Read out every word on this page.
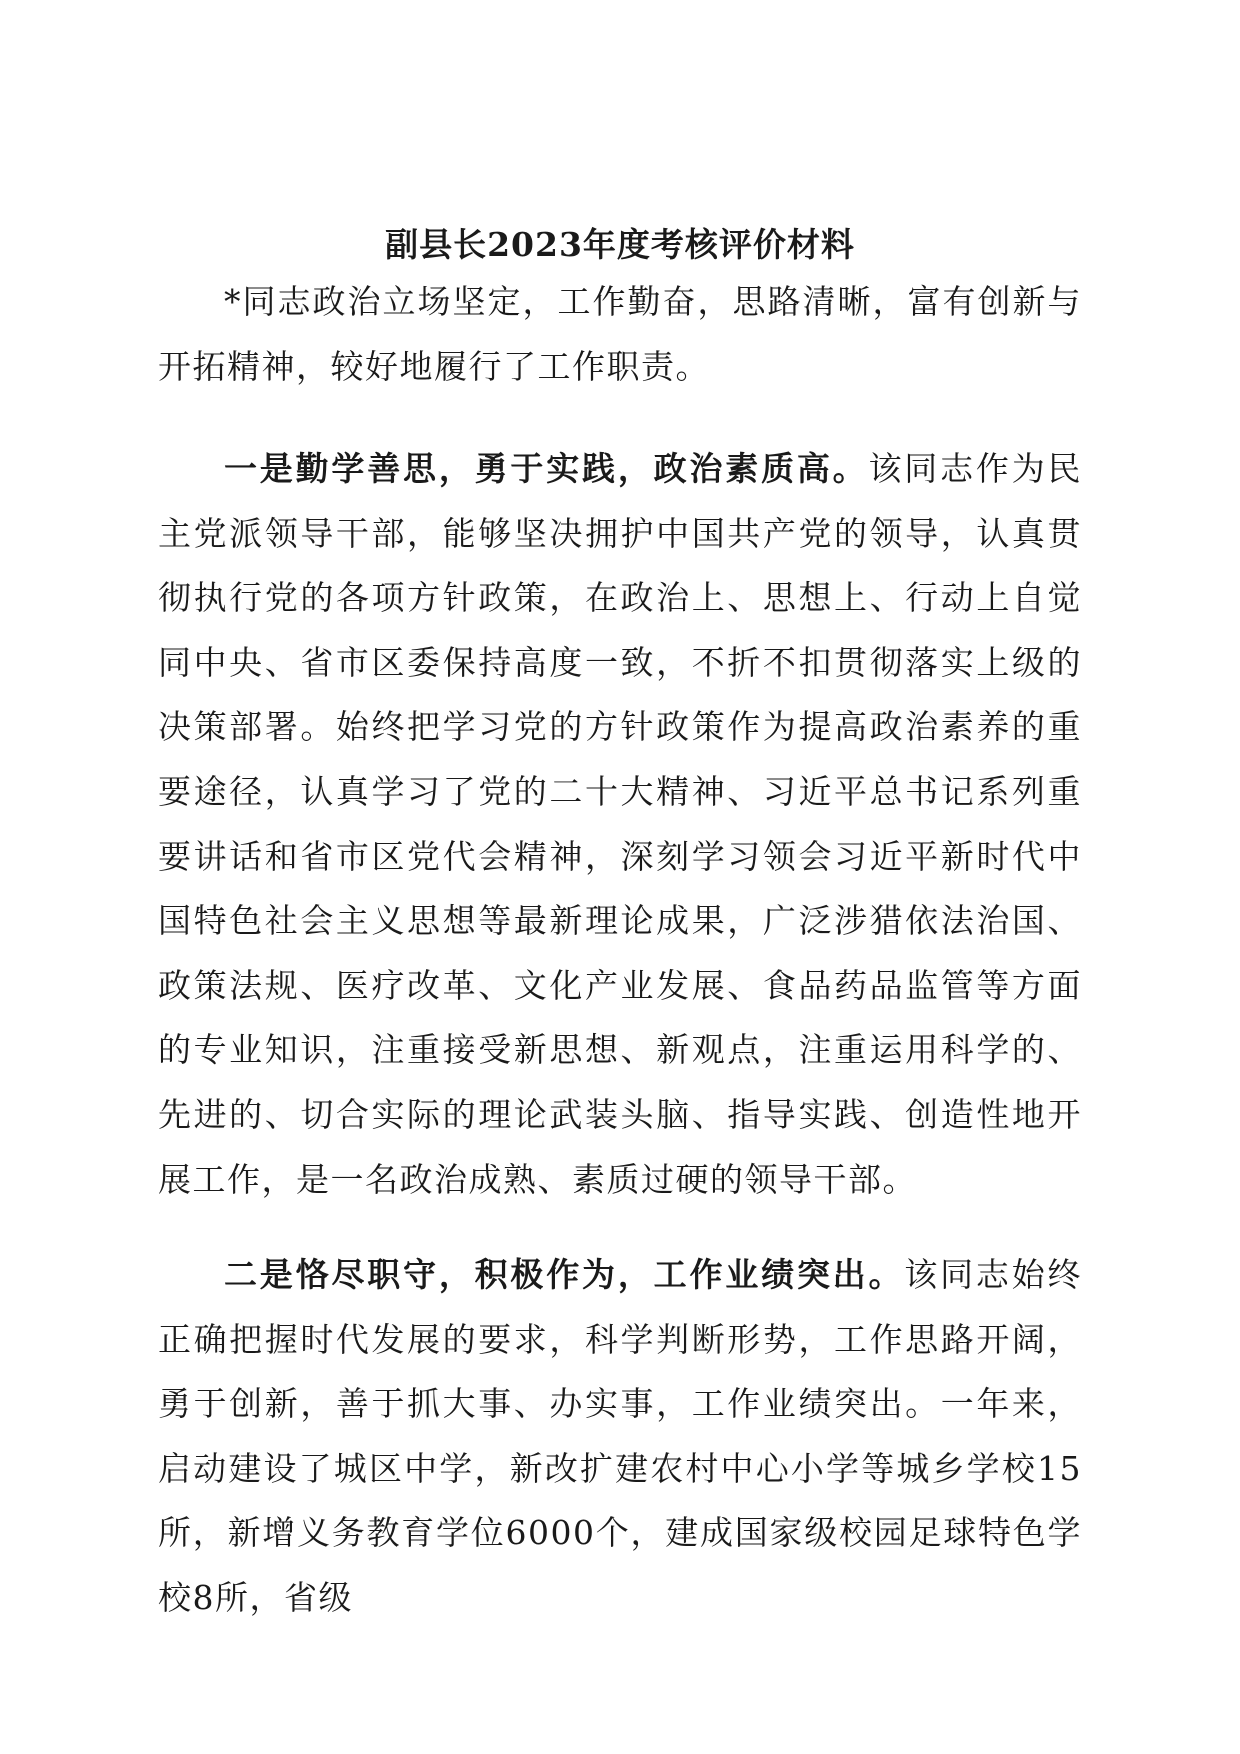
副县长2023年度考核评价材料

*同志政治立场坚定，工作勤奋，思路清晰，富有创新与开拓精神，较好地履行了工作职责。

一是勤学善思，勇于实践，政治素质高。该同志作为民主党派领导干部，能够坚决拥护中国共产党的领导，认真贯彻执行党的各项方针政策，在政治上、思想上、行动上自觉同中央、省市区委保持高度一致，不折不扣贯彻落实上级的决策部署。始终把学习党的方针政策作为提高政治素养的重要途径，认真学习了党的二十大精神、习近平总书记系列重要讲话和省市区党代会精神，深刻学习领会习近平新时代中国特色社会主义思想等最新理论成果，广泛涉猎依法治国、政策法规、医疗改革、文化产业发展、食品药品监管等方面的专业知识，注重接受新思想、新观点，注重运用科学的、先进的、切合实际的理论武装头脑、指导实践、创造性地开展工作，是一名政治成熟、素质过硬的领导干部。

二是恪尽职守，积极作为，工作业绩突出。该同志始终正确把握时代发展的要求，科学判断形势，工作思路开阔，勇于创新，善于抓大事、办实事，工作业绩突出。一年来，启动建设了城区中学，新改扩建农村中心小学等城乡学校15所，新增义务教育学位6000个，建成国家级校园足球特色学校8所，省级
